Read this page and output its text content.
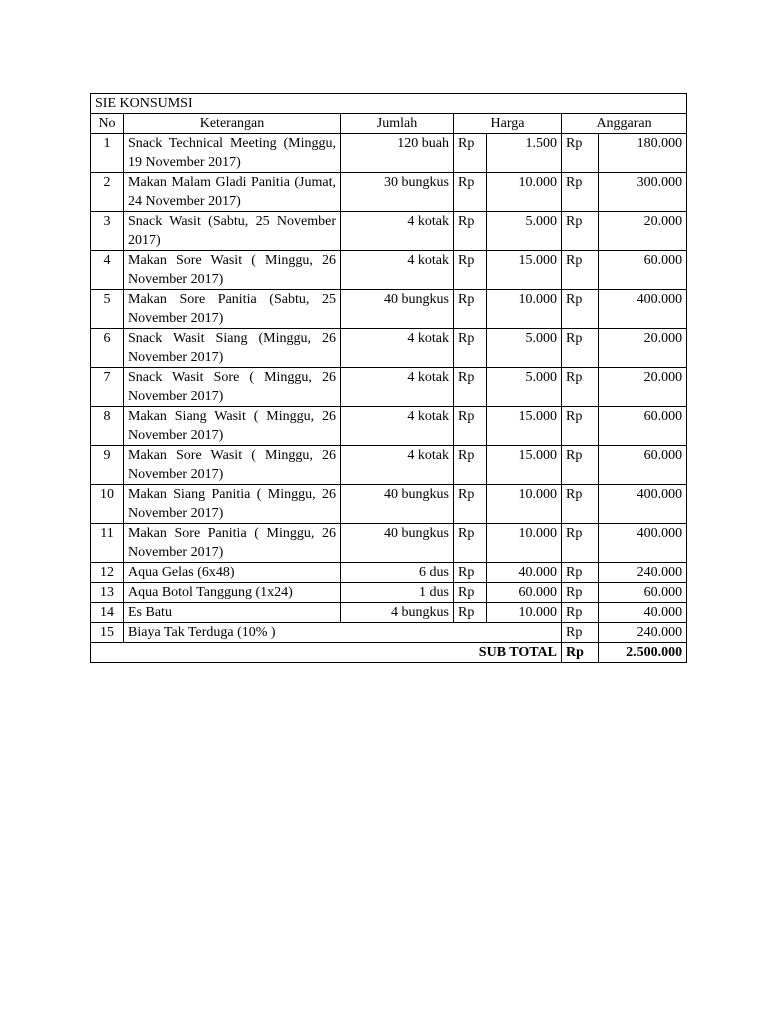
SIE KONSUMSI						
No	Keterangan	Jumlah	Harga		Anggaran	
1	Snack Technical Meeting (Minggu, 19 November 2017)	120 buah	Rp	1.500	Rp	180.000
2	Makan Malam Gladi Panitia (Jumat, 24 November 2017)	30 bungkus	Rp	10.000	Rp	300.000
3	Snack Wasit (Sabtu, 25 November 2017)	4 kotak	Rp	5.000	Rp	20.000
4	Makan Sore Wasit ( Minggu, 26 November 2017)	4 kotak	Rp	15.000	Rp	60.000
5	Makan Sore Panitia (Sabtu, 25 November 2017)	40 bungkus	Rp	10.000	Rp	400.000
6	Snack Wasit Siang (Minggu, 26 November 2017)	4 kotak	Rp	5.000	Rp	20.000
7	Snack Wasit Sore ( Minggu, 26 November 2017)	4 kotak	Rp	5.000	Rp	20.000
8	Makan Siang Wasit ( Minggu, 26 November 2017)	4 kotak	Rp	15.000	Rp	60.000
9	Makan Sore Wasit ( Minggu, 26 November 2017)	4 kotak	Rp	15.000	Rp	60.000
10	Makan Siang Panitia ( Minggu, 26 November 2017)	40 bungkus	Rp	10.000	Rp	400.000
11	Makan Sore Panitia ( Minggu, 26 November 2017)	40 bungkus	Rp	10.000	Rp	400.000
12	Aqua Gelas (6x48)	6 dus	Rp	40.000	Rp	240.000
13	Aqua Botol Tanggung (1x24)	1 dus	Rp	60.000	Rp	60.000
14	Es Batu	4 bungkus	Rp	10.000	Rp	40.000
15	Biaya Tak Terduga (10% )				Rp	240.000
SUB TOTAL					Rp	2.500.000
